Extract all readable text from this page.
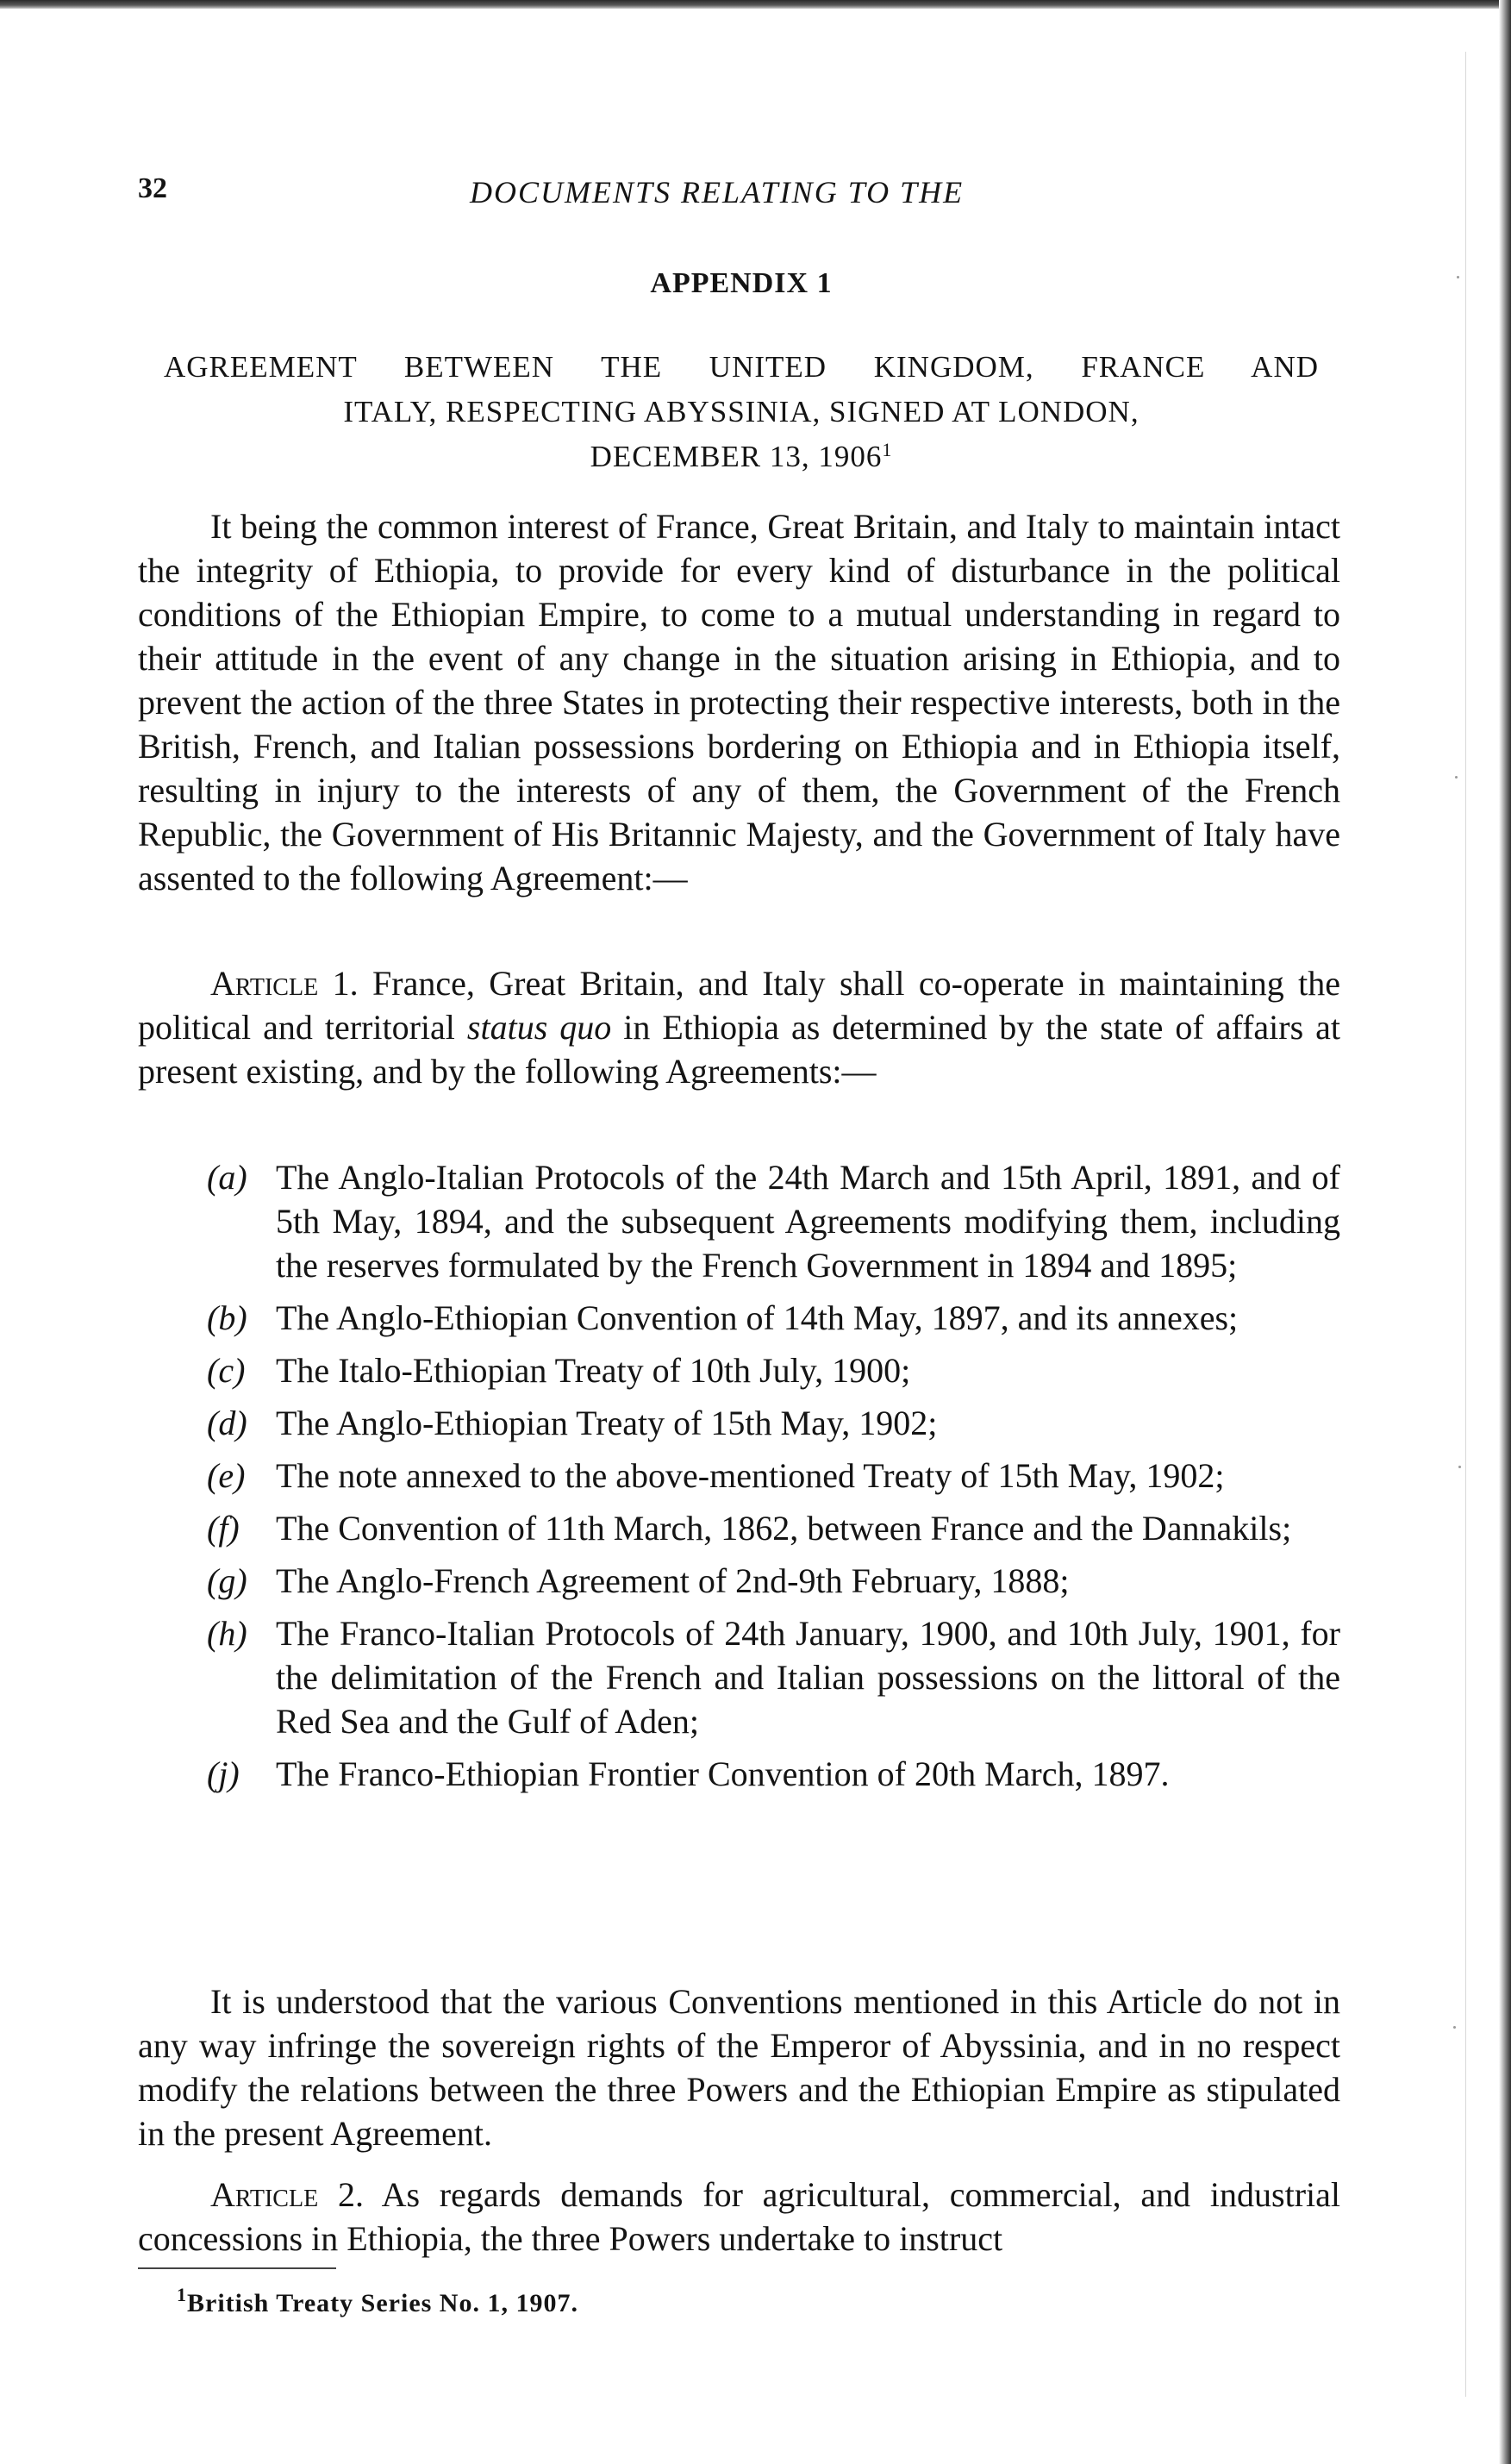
32	DOCUMENTS RELATING TO THE
APPENDIX 1
AGREEMENT BETWEEN THE UNITED KINGDOM, FRANCE AND
ITALY, RESPECTING ABYSSINIA, SIGNED AT LONDON,
DECEMBER 13, 1906$^1$

It being the common interest of France, Great Britain, and Italy to maintain intact the integrity of Ethiopia, to provide for every kind of disturbance in the political conditions of the Ethiopian Empire, to come to a mutual understanding in regard to their attitude in the event of any change in the situation arising in Ethiopia, and to prevent the action of the three States in protecting their respective interests, both in the British, French, and Italian possessions bordering on Ethiopia and in Ethiopia itself, resulting in injury to the interests of any of them, the Government of the French Republic, the Government of His Britannic Majesty, and the Government of Italy have assented to the following Agreement:—

Article 1. France, Great Britain, and Italy shall co-operate in maintaining the political and territorial status quo in Ethiopia as determined by the state of affairs at present existing, and by the following Agreements:—

(a) The Anglo-Italian Protocols of the 24th March and 15th April, 1891, and of 5th May, 1894, and the subsequent Agreements modifying them, including the reserves formulated by the French Government in 1894 and 1895;
(b) The Anglo-Ethiopian Convention of 14th May, 1897, and its annexes;
(c) The Italo-Ethiopian Treaty of 10th July, 1900;
(d) The Anglo-Ethiopian Treaty of 15th May, 1902;
(e) The note annexed to the above-mentioned Treaty of 15th May, 1902;
(f) The Convention of 11th March, 1862, between France and the Dannakils;
(g) The Anglo-French Agreement of 2nd-9th February, 1888;
(h) The Franco-Italian Protocols of 24th January, 1900, and 10th July, 1901, for the delimitation of the French and Italian possessions on the littoral of the Red Sea and the Gulf of Aden;
(j) The Franco-Ethiopian Frontier Convention of 20th March, 1897.

It is understood that the various Conventions mentioned in this Article do not in any way infringe the sovereign rights of the Emperor of Abyssinia, and in no respect modify the relations between the three Powers and the Ethiopian Empire as stipulated in the present Agreement.

Article 2. As regards demands for agricultural, commercial, and industrial concessions in Ethiopia, the three Powers undertake to instruct

$^1$British Treaty Series No. 1, 1907.
